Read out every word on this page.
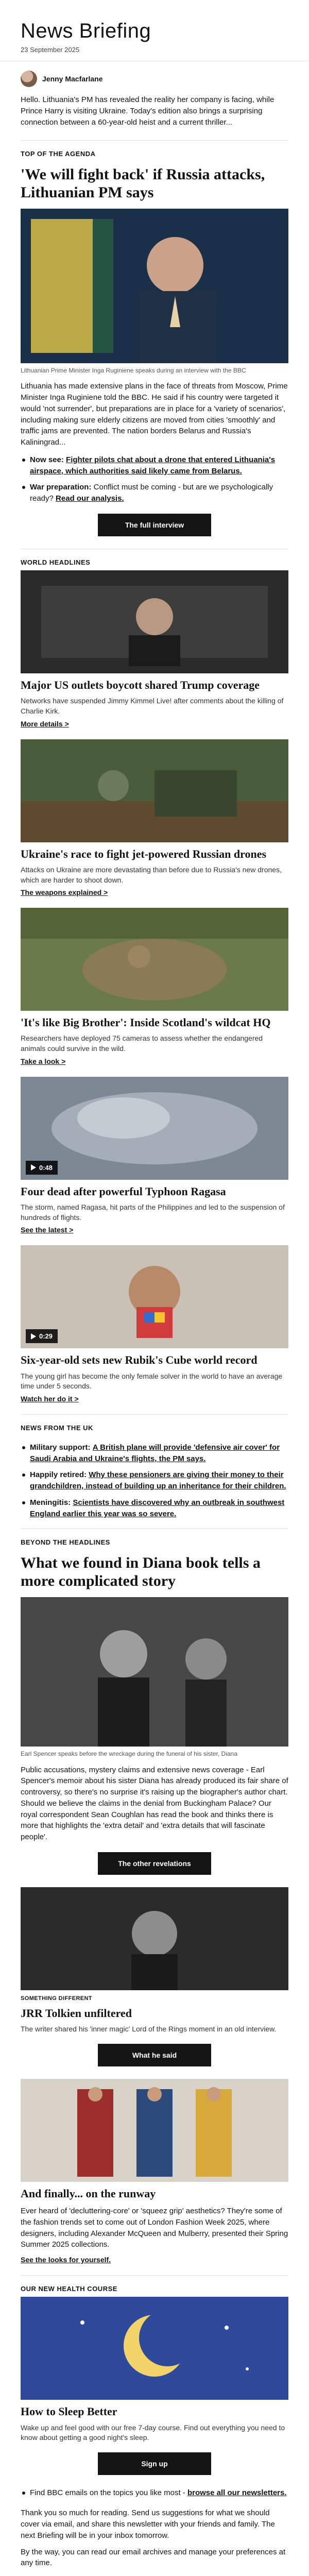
News Briefing
23 September 2025
Jenny Macfarlane
Hello. Lithuania's PM has revealed the reality her company is facing, while Prince Harry is visiting Ukraine. Today's edition also brings a surprising connection between a 60-year-old heist and a current thriller...
TOP OF THE AGENDA
'We will fight back' if Russia attacks, Lithuanian PM says
Lithuanian Prime Minister Inga Ruginiene speaks during an interview with the BBC
Lithuania has made extensive plans in the face of threats from Moscow, Prime Minister Inga Ruginiene told the BBC. He said if his country were targeted it would 'not surrender', but preparations are in place for a 'variety of scenarios', including making sure elderly citizens are moved from cities 'smoothly' and traffic jams are prevented. The nation borders Belarus and Russia's Kaliningrad...
Now see: Fighter pilots chat about a drone that entered Lithuania's airspace, which authorities said likely came from Belarus.
War preparation: Conflict must be coming - but are we psychologically ready? Read our analysis.
The full interview
WORLD HEADLINES
Major US outlets boycott shared Trump coverage
Networks have suspended Jimmy Kimmel Live! after comments about the killing of Charlie Kirk.
More details >
Ukraine's race to fight jet-powered Russian drones
Attacks on Ukraine are more devastating than before due to Russia's new drones, which are harder to shoot down.
The weapons explained >
'It's like Big Brother': Inside Scotland's wildcat HQ
Researchers have deployed 75 cameras to assess whether the endangered animals could survive in the wild.
Take a look >
0:48
Four dead after powerful Typhoon Ragasa
The storm, named Ragasa, hit parts of the Philippines and led to the suspension of hundreds of flights.
See the latest >
0:29
Six-year-old sets new Rubik's Cube world record
The young girl has become the only female solver in the world to have an average time under 5 seconds.
Watch her do it >
NEWS FROM THE UK
Military support: A British plane will provide 'defensive air cover' for Saudi Arabia and Ukraine's flights, the PM says.
Happily retired: Why these pensioners are giving their money to their grandchildren, instead of building up an inheritance for their children.
Meningitis: Scientists have discovered why an outbreak in southwest England earlier this year was so severe.
BEYOND THE HEADLINES
What we found in Diana book tells a more complicated story
Earl Spencer speaks before the wreckage during the funeral of his sister, Diana
Public accusations, mystery claims and extensive news coverage - Earl Spencer's memoir about his sister Diana has already produced its fair share of controversy, so there's no surprise it's raising up the biographer's author chart. Should we believe the claims in the denial from Buckingham Palace? Our royal correspondent Sean Coughlan has read the book and thinks there is more that highlights the 'extra detail' and 'extra details that will fascinate people'.
The other revelations
SOMETHING DIFFERENT
JRR Tolkien unfiltered
The writer shared his 'inner magic' Lord of the Rings moment in an old interview.
What he said
And finally... on the runway
Ever heard of 'decluttering-core' or 'squeez grip' aesthetics? They're some of the fashion trends set to come out of London Fashion Week 2025, where designers, including Alexander McQueen and Mulberry, presented their Spring Summer 2025 collections.
See the looks for yourself.
OUR NEW HEALTH COURSE
How to Sleep Better
Wake up and feel good with our free 7-day course. Find out everything you need to know about getting a good night's sleep.
Sign up
Find BBC emails on the topics you like most - browse all our newsletters.
Thank you so much for reading. Send us suggestions for what we should cover via email, and share this newsletter with your friends and family. The next Briefing will be in your inbox tomorrow.
By the way, you can read our email archives and manage your preferences at any time.
